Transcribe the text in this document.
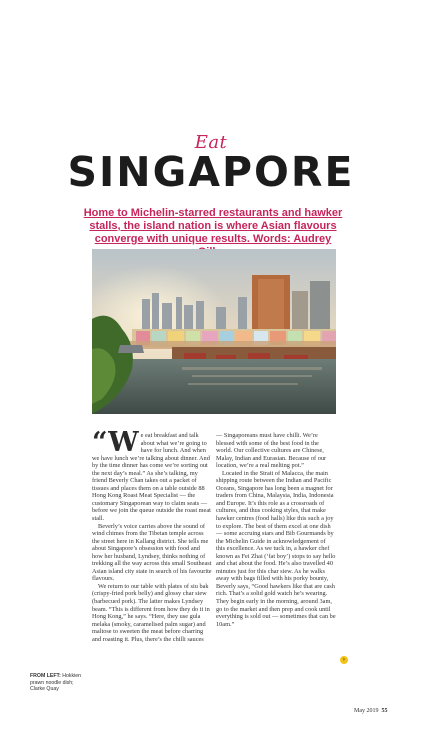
Eat
SINGAPORE
Home to Michelin-starred restaurants and hawker stalls, the island nation is where Asian flavours converge with unique results. Words: Audrey

“W e eat breakfast and talk about what we’re going to have for lunch. And when we have lunch we’re talking about dinner. And by the time dinner has come we’re sorting out the next day’s meal.” As she’s talking, my friend Beverly Chan takes out a packet of tissues and places them on a table outside 88 Hong Kong Roast Meat Specialist — the customary Singaporean way to claim seats — before we join the queue outside the roast meat stall.

Beverly’s voice carries above the sound of wind chimes from the Tibetan temple across the street here in Kallang district. She tells me about Singapore’s obsession with food and how her husband, Lyndsey, thinks nothing of trekking all the way across this small Southeast Asian island city state in search of his favourite flavours.

We return to our table with plates of siu bak (crispy-fried pork belly) and glossy char siew (barbecued pork). The latter makes Lyndsey beam. “This is different from how they do it in Hong Kong,” he says. “Here, they use gula melaka (smoky, caramelised palm sugar) and maltose to sweeten the meat before charring and roasting it. Plus, there’s the chilli sauces

— Singaporeans must have chilli. We’re blessed with some of the best food in the world. Our collective cultures are Chinese, Malay, Indian and Eurasian. Because of our location, we’re a real melting pot.”

Located in the Strait of Malacca, the main shipping route between the Indian and Pacific Oceans, Singapore has long been a magnet for traders from China, Malaysia, India, Indonesia and Europe. It’s this role as a crossroads of cultures, and thus cooking styles, that make hawker centres (food halls) like this such a joy to explore. The best of them excel at one dish — some accruing stars and Bib Gourmands by the Michelin Guide in acknowledgement of this excellence. As we tuck in, a hawker chef known as Fei Zhai (‘fat boy’) stops to say hello and chat about the food. He’s also travelled 40 minutes just for this char siew. As he walks away with bags filled with his porky bounty, Beverly says, “Good hawkers like that are cash rich. That’s a solid gold watch he’s wearing. They begin early in the morning, around 3am, go to the market and then prep and cook until everything is sold out — sometimes that can be 10am.”

›
FROM LEFT: Hokkien prawn noodle dish; Clarke Quay
May 2019 55
